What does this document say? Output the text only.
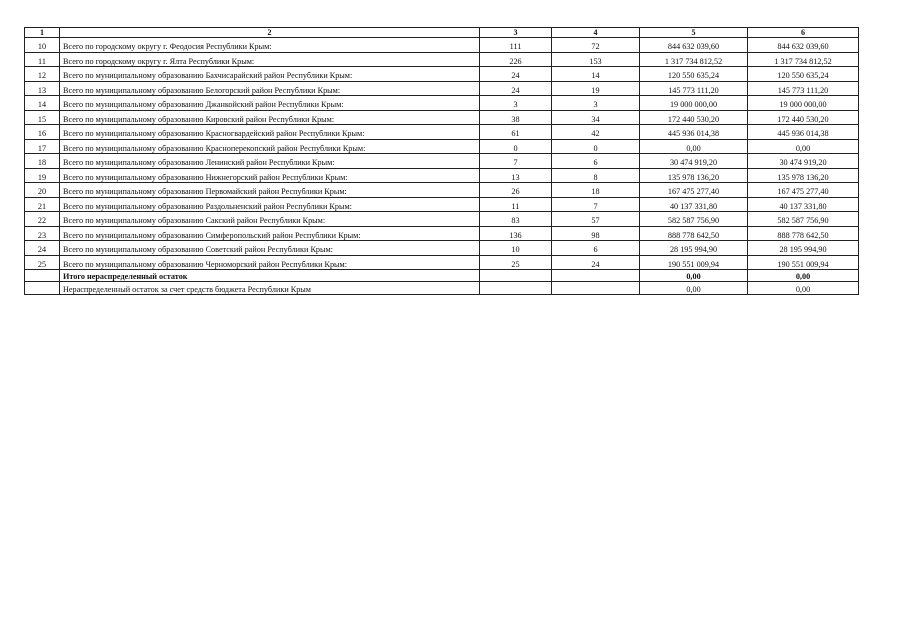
1	2	3	4	5	6
10	Всего по городскому округу г. Феодосия Республики Крым:	111	72	844 632 039,60	844 632 039,60
11	Всего по городскому округу г. Ялта Республики Крым:	226	153	1 317 734 812,52	1 317 734 812,52
12	Всего по муниципальному образованию Бахчисарайский район Республики Крым:	24	14	120 550 635,24	120 550 635,24
13	Всего по муниципальному образованию Белогорский район Республики Крым:	24	19	145 773 111,20	145 773 111,20
14	Всего по муниципальному образованию Джанкойский район Республики Крым:	3	3	19 000 000,00	19 000 000,00
15	Всего по муниципальному образованию Кировский район Республики Крым:	38	34	172 440 530,20	172 440 530,20
16	Всего по муниципальному образованию Красногвардейский район Республики Крым:	61	42	445 936 014,38	445 936 014,38
17	Всего по муниципальному образованию Красноперекопский район Республики Крым:	0	0	0,00	0,00
18	Всего по муниципальному образованию Ленинский район Республики Крым:	7	6	30 474 919,20	30 474 919,20
19	Всего по муниципальному образованию Нижнегорский район Республики Крым:	13	8	135 978 136,20	135 978 136,20
20	Всего по муниципальному образованию Первомайский район Республики Крым:	26	18	167 475 277,40	167 475 277,40
21	Всего по муниципальному образованию Раздольненский район Республики Крым:	11	7	40 137 331,80	40 137 331,80
22	Всего по муниципальному образованию Сакский район Республики Крым:	83	57	582 587 756,90	582 587 756,90
23	Всего по муниципальному образованию Симферопольский район Республики Крым:	136	98	888 778 642,50	888 778 642,50
24	Всего по муниципальному образованию Советский район Республики Крым:	10	6	28 195 994,90	28 195 994,90
25	Всего по муниципальному образованию Черноморский район Республики Крым:	25	24	190 551 009,94	190 551 009,94
	Итого нераспределенный остаток			0,00	0,00
	Нераспределенный остаток за счет средств бюджета Республики Крым			0,00	0,00
